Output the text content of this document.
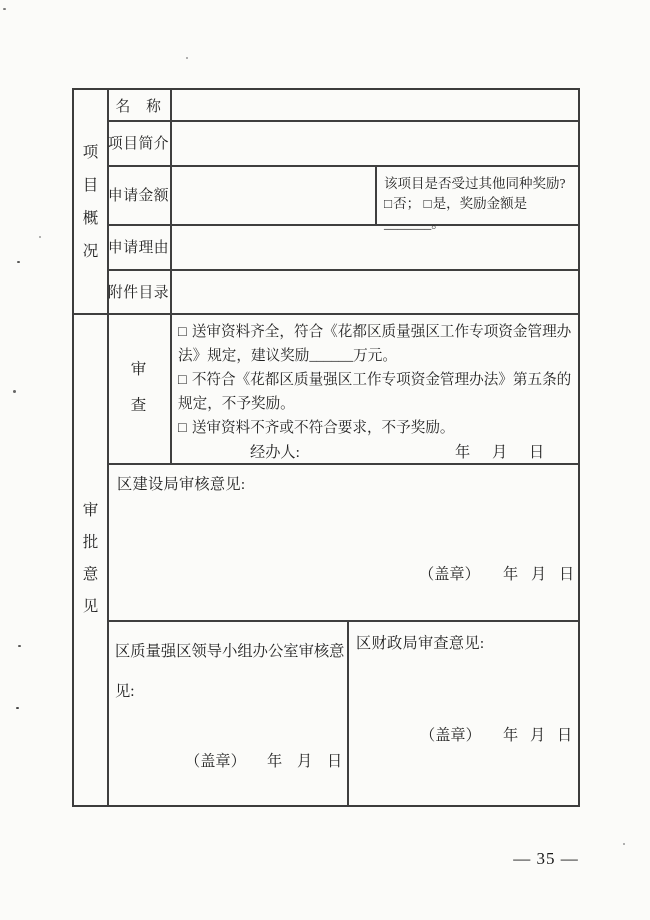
项目概况
审批意见
名　称
项目简介
申请金额
申请理由
附件目录
审查
该项目是否受过其他同种奖励?
□否； □是，奖励金额是_______。
□ 送审资料齐全，符合《花都区质量强区工作专项资金管理办
法》规定，建议奖励______万元。
□ 不符合《花都区质量强区工作专项资金管理办法》第五条的
规定，不予奖励。
□ 送审资料不齐或不符合要求，不予奖励。
经办人:	年 月 日
区建设局审核意见:
（盖章） 年 月 日
区质量强区领导小组办公室审核意见:
（盖章） 年 月 日
区财政局审查意见:
（盖章） 年 月 日
— 35 —
